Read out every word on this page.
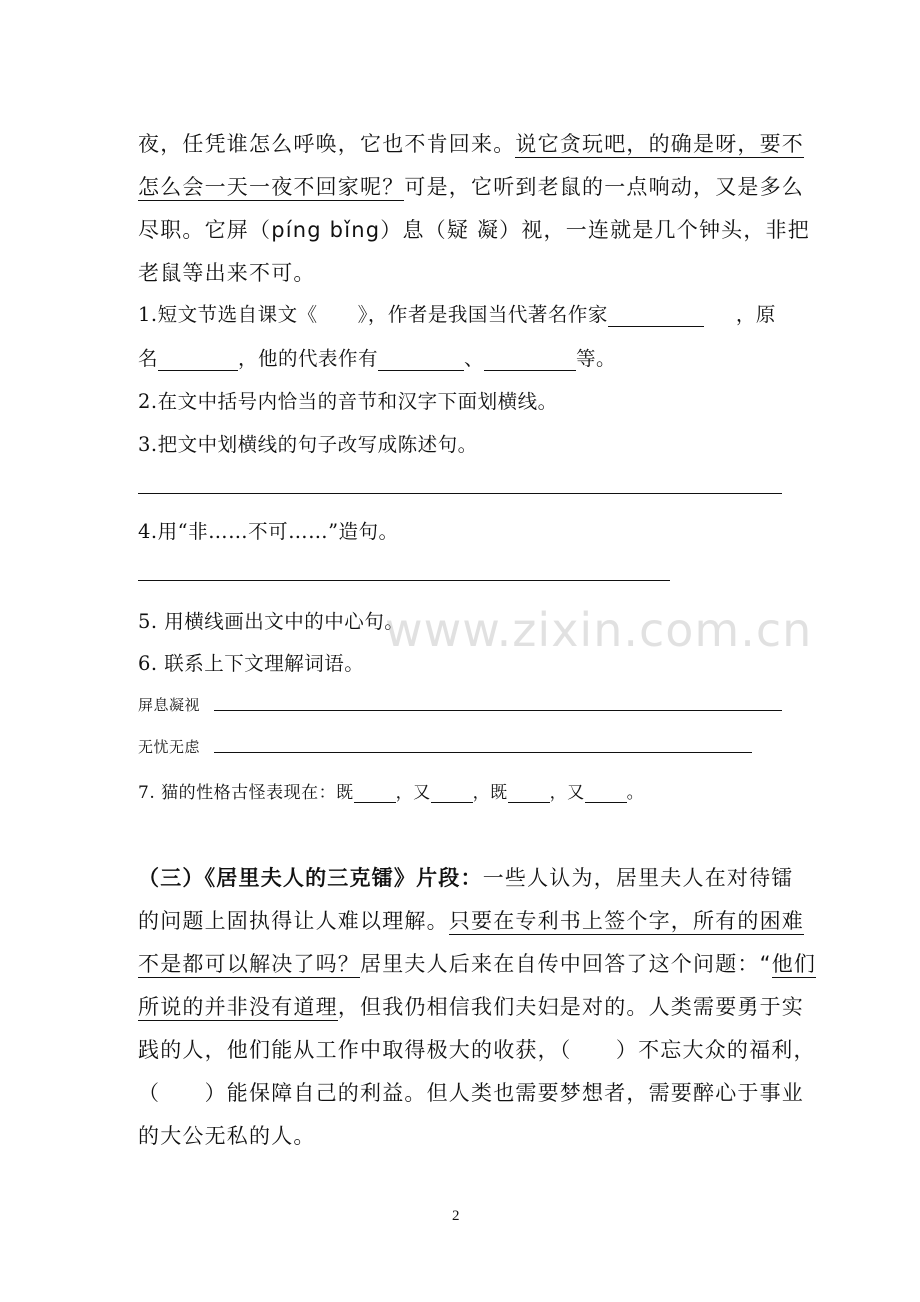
夜，任凭谁怎么呼唤，它也不肯回来。说它贪玩吧，的确是呀，要不
怎么会一天一夜不回家呢？可是，它听到老鼠的一点响动，又是多么
尽职。它屏（píng bǐng）息（疑 凝）视，一连就是几个钟头，非把
老鼠等出来不可。
1.短文节选自课文《　　》，作者是我国当代著名作家	，原
名	，他的代表作有	、	等。
2.在文中括号内恰当的音节和汉字下面划横线。
3.把文中划横线的句子改写成陈述句。
4.用“非……不可……”造句。
5. 用横线画出文中的中心句。
6. 联系上下文理解词语。
屏息凝视
无忧无虑
7. 猫的性格古怪表现在：既 ，又 ，既 ，又 。
（三）《居里夫人的三克镭》片段：一些人认为，居里夫人在对待镭
的问题上固执得让人难以理解。只要在专利书上签个字，所有的困难
不是都可以解决了吗？居里夫人后来在自传中回答了这个问题：“他们
所说的并非没有道理，但我仍相信我们夫妇是对的。人类需要勇于实
践的人，他们能从工作中取得极大的收获，（　　）不忘大众的福利，
（　　）能保障自己的利益。但人类也需要梦想者，需要醉心于事业
的大公无私的人。
www.zixin.com.cn
2
